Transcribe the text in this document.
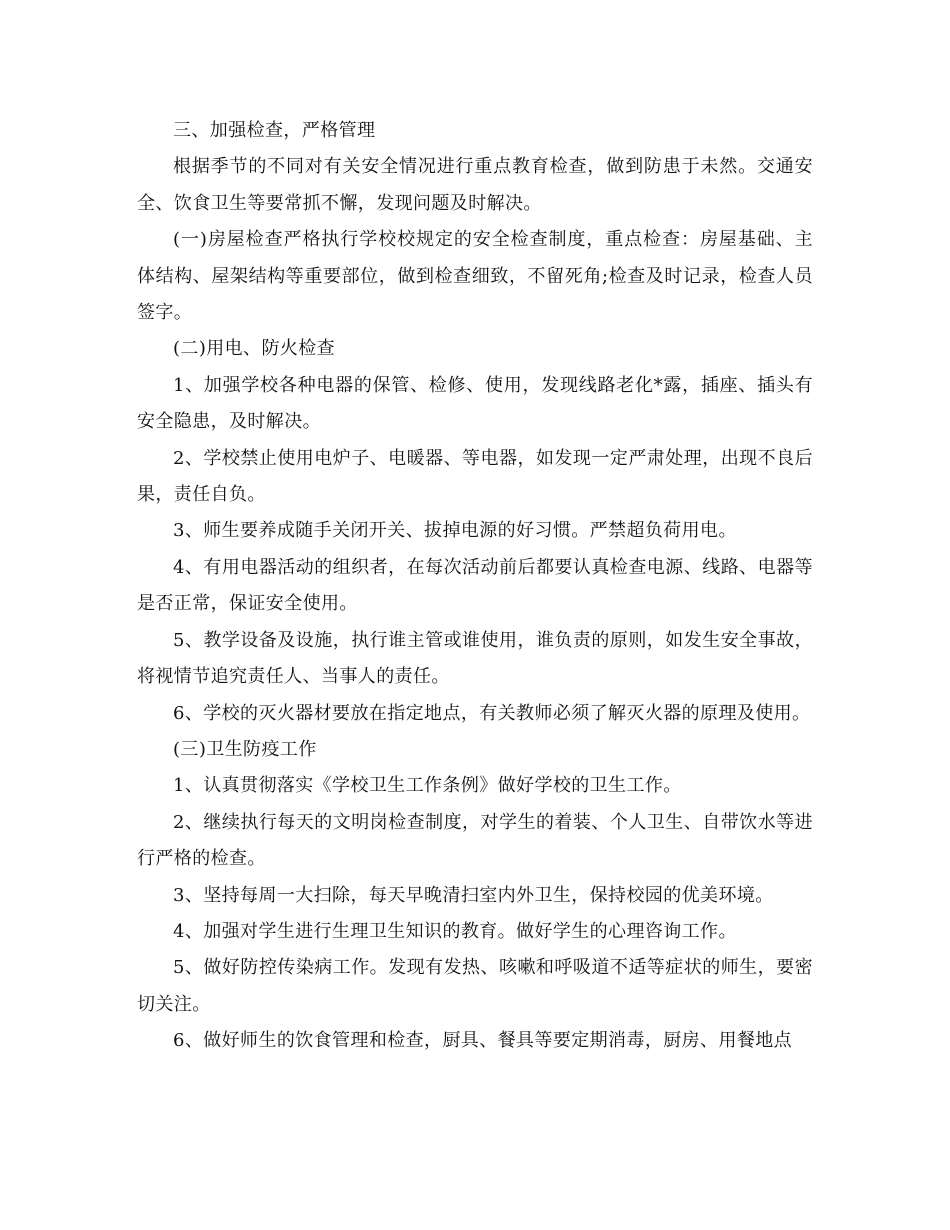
三、加强检查，严格管理

根据季节的不同对有关安全情况进行重点教育检查，做到防患于未然。交通安全、饮食卫生等要常抓不懈，发现问题及时解决。

(一)房屋检查严格执行学校校规定的安全检查制度，重点检查：房屋基础、主体结构、屋架结构等重要部位，做到检查细致，不留死角;检查及时记录，检查人员签字。

(二)用电、防火检查

1、加强学校各种电器的保管、检修、使用，发现线路老化*露，插座、插头有安全隐患，及时解决。

2、学校禁止使用电炉子、电暖器、等电器，如发现一定严肃处理，出现不良后果，责任自负。

3、师生要养成随手关闭开关、拔掉电源的好习惯。严禁超负荷用电。

4、有用电器活动的组织者，在每次活动前后都要认真检查电源、线路、电器等是否正常，保证安全使用。

5、教学设备及设施，执行谁主管或谁使用，谁负责的原则，如发生安全事故，将视情节追究责任人、当事人的责任。

6、学校的灭火器材要放在指定地点，有关教师必须了解灭火器的原理及使用。

(三)卫生防疫工作

1、认真贯彻落实《学校卫生工作条例》做好学校的卫生工作。

2、继续执行每天的文明岗检查制度，对学生的着装、个人卫生、自带饮水等进行严格的检查。

3、坚持每周一大扫除，每天早晚清扫室内外卫生，保持校园的优美环境。

4、加强对学生进行生理卫生知识的教育。做好学生的心理咨询工作。

5、做好防控传染病工作。发现有发热、咳嗽和呼吸道不适等症状的师生，要密切关注。

6、做好师生的饮食管理和检查，厨具、餐具等要定期消毒，厨房、用餐地点
